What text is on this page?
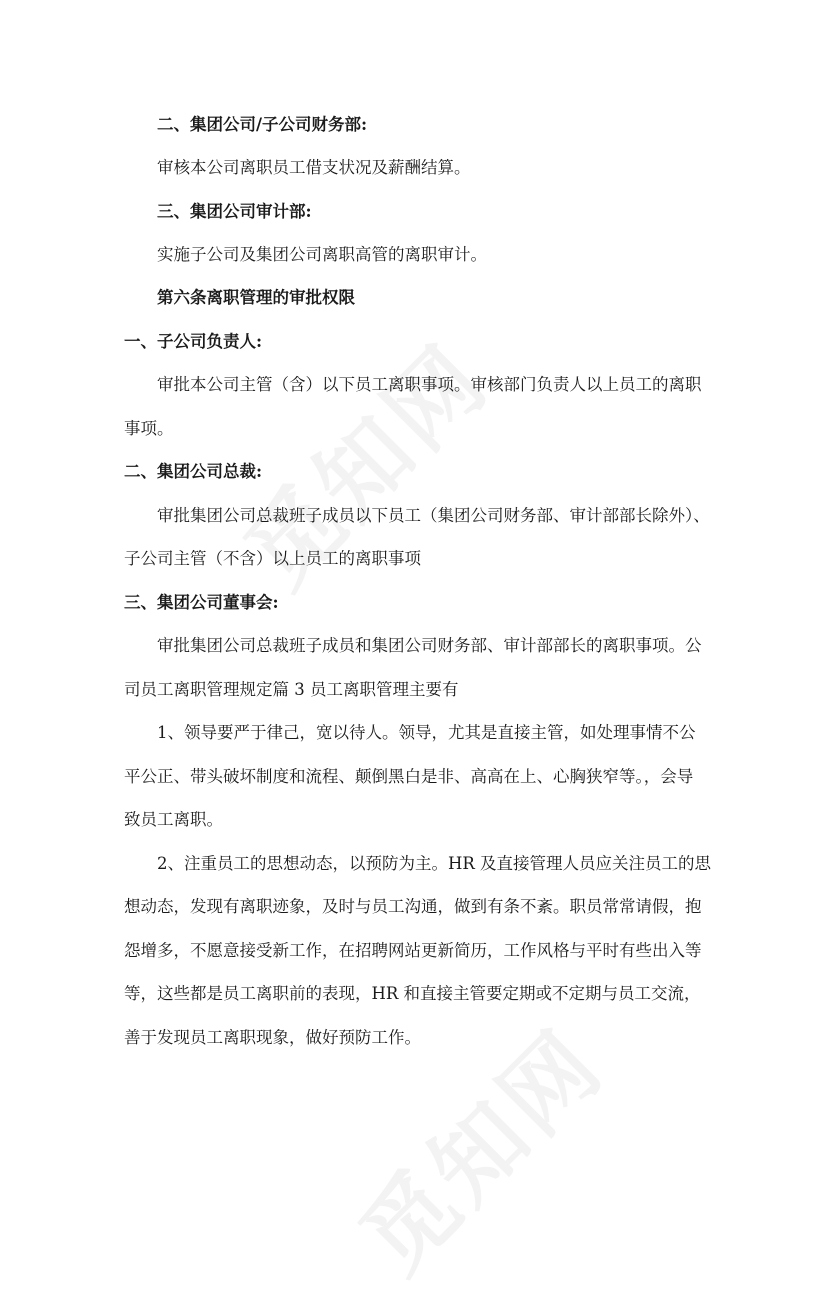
二、集团公司/子公司财务部:
审核本公司离职员工借支状况及薪酬结算。
三、集团公司审计部:
实施子公司及集团公司离职高管的离职审计。
第六条离职管理的审批权限
一、子公司负责人:
审批本公司主管（含）以下员工离职事项。审核部门负责人以上员工的离职
事项。
二、集团公司总裁:
审批集团公司总裁班子成员以下员工（集团公司财务部、审计部部长除外）、
子公司主管（不含）以上员工的离职事项
三、集团公司董事会:
审批集团公司总裁班子成员和集团公司财务部、审计部部长的离职事项。公
司员工离职管理规定篇 3 员工离职管理主要有
1、领导要严于律己，宽以待人。领导，尤其是直接主管，如处理事情不公
平公正、带头破坏制度和流程、颠倒黑白是非、高高在上、心胸狭窄等。，会导
致员工离职。
2、注重员工的思想动态，以预防为主。HR 及直接管理人员应关注员工的思
想动态，发现有离职迹象，及时与员工沟通，做到有条不紊。职员常常请假，抱
怨增多，不愿意接受新工作，在招聘网站更新简历，工作风格与平时有些出入等
等，这些都是员工离职前的表现，HR 和直接主管要定期或不定期与员工交流，
善于发现员工离职现象，做好预防工作。
